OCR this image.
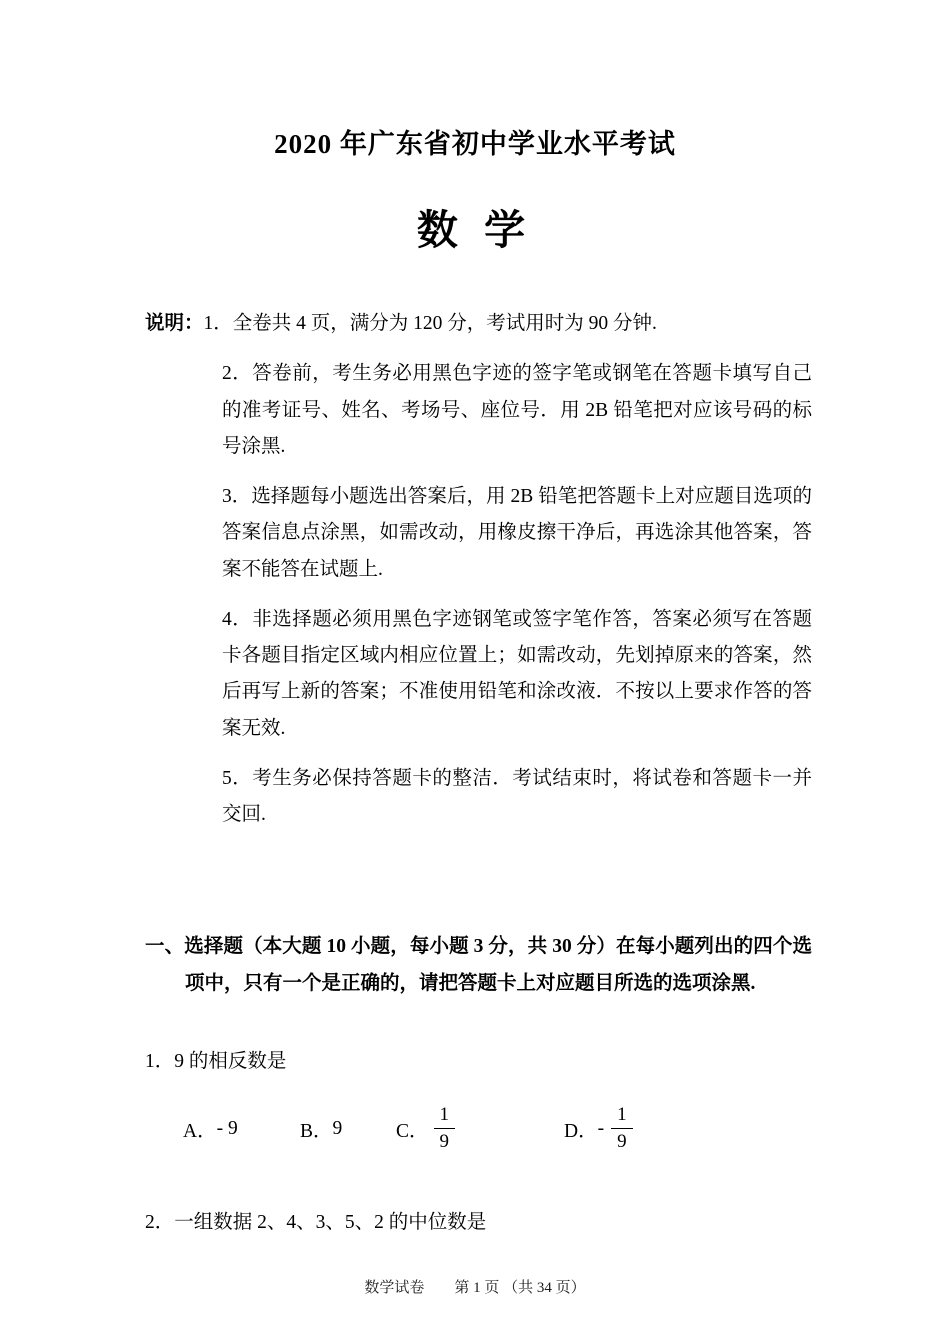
2020 年广东省初中学业水平考试
数 学

说明：1．全卷共 4 页，满分为 120 分，考试用时为 90 分钟.

2．答卷前，考生务必用黑色字迹的签字笔或钢笔在答题卡填写自己的准考证号、姓名、考场号、座位号．用 2B 铅笔把对应该号码的标号涂黑.

3．选择题每小题选出答案后，用 2B 铅笔把答题卡上对应题目选项的答案信息点涂黑，如需改动，用橡皮擦干净后，再选涂其他答案，答案不能答在试题上.

4．非选择题必须用黑色字迹钢笔或签字笔作答，答案必须写在答题卡各题目指定区域内相应位置上；如需改动，先划掉原来的答案，然后再写上新的答案；不准使用铅笔和涂改液．不按以上要求作答的答案无效.

5．考生务必保持答题卡的整洁．考试结束时，将试卷和答题卡一并交回.

一、选择题（本大题 10 小题，每小题 3 分，共 30 分）在每小题列出的四个选项中，只有一个是正确的，请把答题卡上对应题目所选的选项涂黑.

1．9 的相反数是

A． - 9	B． 9	C． $\frac{1}{9}$	D． - $\frac{1}{9}$

2．一组数据 2、4、3、5、2 的中位数是

数学试卷　　第 1 页 （共 34 页）
